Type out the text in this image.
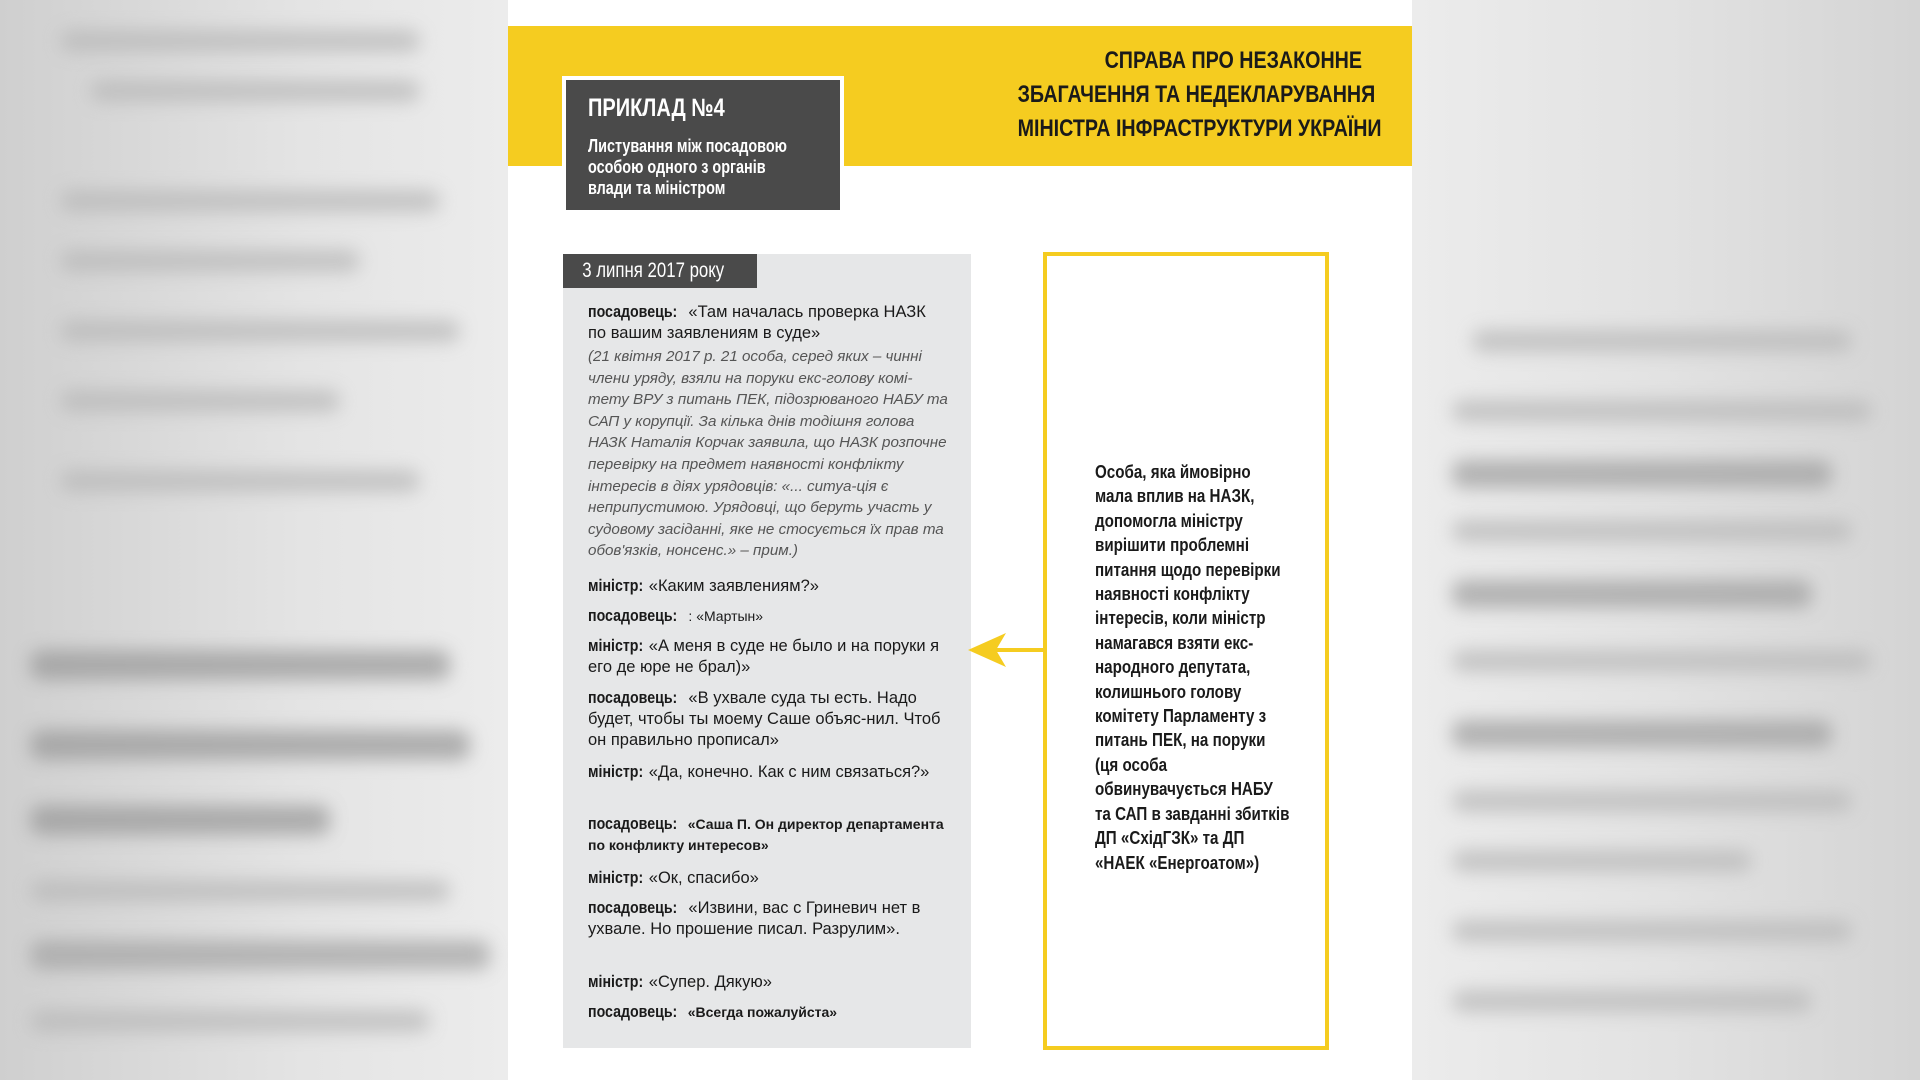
СПРАВА ПРО НЕЗАКОННЕ
ЗБАГАЧЕННЯ ТА НЕДЕКЛАРУВАННЯ
МІНІСТРА ІНФРАСТРУКТУРИ УКРАЇНИ
ПРИКЛАД №4
Листування між посадовою особою одного з органів влади та міністром
3 липня 2017 року
посадовець: «Там началась проверка НАЗК по вашим заявлениям в суде»
(21 квітня 2017 р. 21 особа, серед яких – чинні члени уряду, взяли на поруки екс-голову комі-тету ВРУ з питань ПЕК, підозрюваного НАБУ та САП у корупції. За кілька днів тодішня голова НАЗК Наталія Корчак заявила, що НАЗК розпочне перевірку на предмет наявності конфлікту інтересів в діях урядовців: «... ситуа-ція є неприпустимою. Урядовці, що беруть участь у судовому засіданні, яке не стосується їх прав та обов'язків, нонсенс.» – прим.)
міністр: «Каким заявлениям?»
посадовець: : «Мартын»
міністр: «А меня в суде не было и на поруки я его де юре не брал)»
посадовець: «В ухвале суда ты есть. Надо будет, чтобы ты моему Саше объяс-нил. Чтоб он правильно прописал»
міністр: «Да, конечно. Как с ним связаться?»
посадовець: «Саша П. Он директор департамента по конфликту интересов»
міністр: «Ок, спасибо»
посадовець: «Извини, вас с Гриневич нет в ухвале. Но прошение писал. Разрулим».
міністр: «Супер. Дякую»
посадовець: «Всегда пожалуйста»
Особа, яка ймовірно мала вплив на НАЗК, допомогла міністру вирішити проблемні питання щодо перевірки наявності конфлікту інтересів, коли міністр намагався взяти екс-народного депутата, колишнього голову комітету Парламенту з питань ПЕК, на поруки (ця особа обвинувачується НАБУ та САП в завданні збитків ДП «СхідГЗК» та ДП «НАЕК «Енергоатом»)
